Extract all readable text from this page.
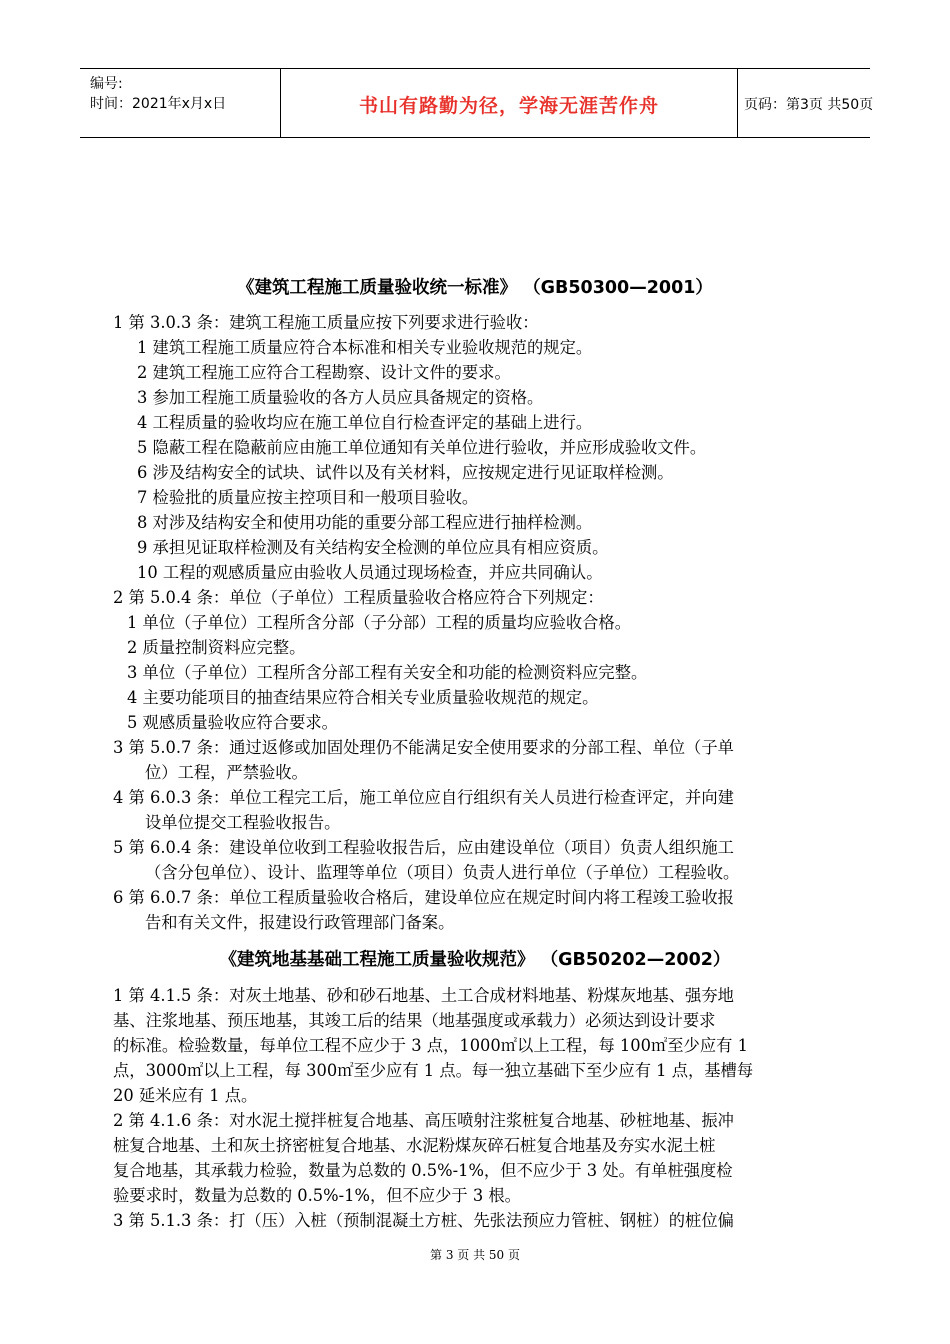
编号:
时间：2021年x月x日	书山有路勤为径，学海无涯苦作舟	页码：第3页 共50页
《建筑工程施工质量验收统一标准》 （GB50300—2001）
1 第 3.0.3 条：建筑工程施工质量应按下列要求进行验收：
1 建筑工程施工质量应符合本标准和相关专业验收规范的规定。
2 建筑工程施工应符合工程勘察、设计文件的要求。
3 参加工程施工质量验收的各方人员应具备规定的资格。
4 工程质量的验收均应在施工单位自行检查评定的基础上进行。
5 隐蔽工程在隐蔽前应由施工单位通知有关单位进行验收，并应形成验收文件。
6 涉及结构安全的试块、试件以及有关材料，应按规定进行见证取样检测。
7 检验批的质量应按主控项目和一般项目验收。
8 对涉及结构安全和使用功能的重要分部工程应进行抽样检测。
9 承担见证取样检测及有关结构安全检测的单位应具有相应资质。
10 工程的观感质量应由验收人员通过现场检查，并应共同确认。
2 第 5.0.4 条：单位（子单位）工程质量验收合格应符合下列规定：
1 单位（子单位）工程所含分部（子分部）工程的质量均应验收合格。
2 质量控制资料应完整。
3 单位（子单位）工程所含分部工程有关安全和功能的检测资料应完整。
4 主要功能项目的抽查结果应符合相关专业质量验收规范的规定。
5 观感质量验收应符合要求。
3 第 5.0.7 条：通过返修或加固处理仍不能满足安全使用要求的分部工程、单位（子单
位）工程，严禁验收。
4 第 6.0.3 条：单位工程完工后，施工单位应自行组织有关人员进行检查评定，并向建
设单位提交工程验收报告。
5 第 6.0.4 条：建设单位收到工程验收报告后，应由建设单位（项目）负责人组织施工
（含分包单位）、设计、监理等单位（项目）负责人进行单位（子单位）工程验收。
6 第 6.0.7 条：单位工程质量验收合格后，建设单位应在规定时间内将工程竣工验收报
告和有关文件，报建设行政管理部门备案。
《建筑地基基础工程施工质量验收规范》 （GB50202—2002）
1 第 4.1.5 条：对灰土地基、砂和砂石地基、土工合成材料地基、粉煤灰地基、强夯地
基、注浆地基、预压地基，其竣工后的结果（地基强度或承载力）必须达到设计要求
的标准。检验数量，每单位工程不应少于 3 点，1000㎡以上工程，每 100㎡至少应有 1
点，3000㎡以上工程，每 300㎡至少应有 1 点。每一独立基础下至少应有 1 点，基槽每
20 延米应有 1 点。
2 第 4.1.6 条：对水泥土搅拌桩复合地基、高压喷射注浆桩复合地基、砂桩地基、振冲
桩复合地基、土和灰土挤密桩复合地基、水泥粉煤灰碎石桩复合地基及夯实水泥土桩
复合地基，其承载力检验，数量为总数的 0.5%-1%，但不应少于 3 处。有单桩强度检
验要求时，数量为总数的 0.5%-1%，但不应少于 3 根。
3 第 5.1.3 条：打（压）入桩（预制混凝土方桩、先张法预应力管桩、钢桩）的桩位偏
第 3 页 共 50 页
